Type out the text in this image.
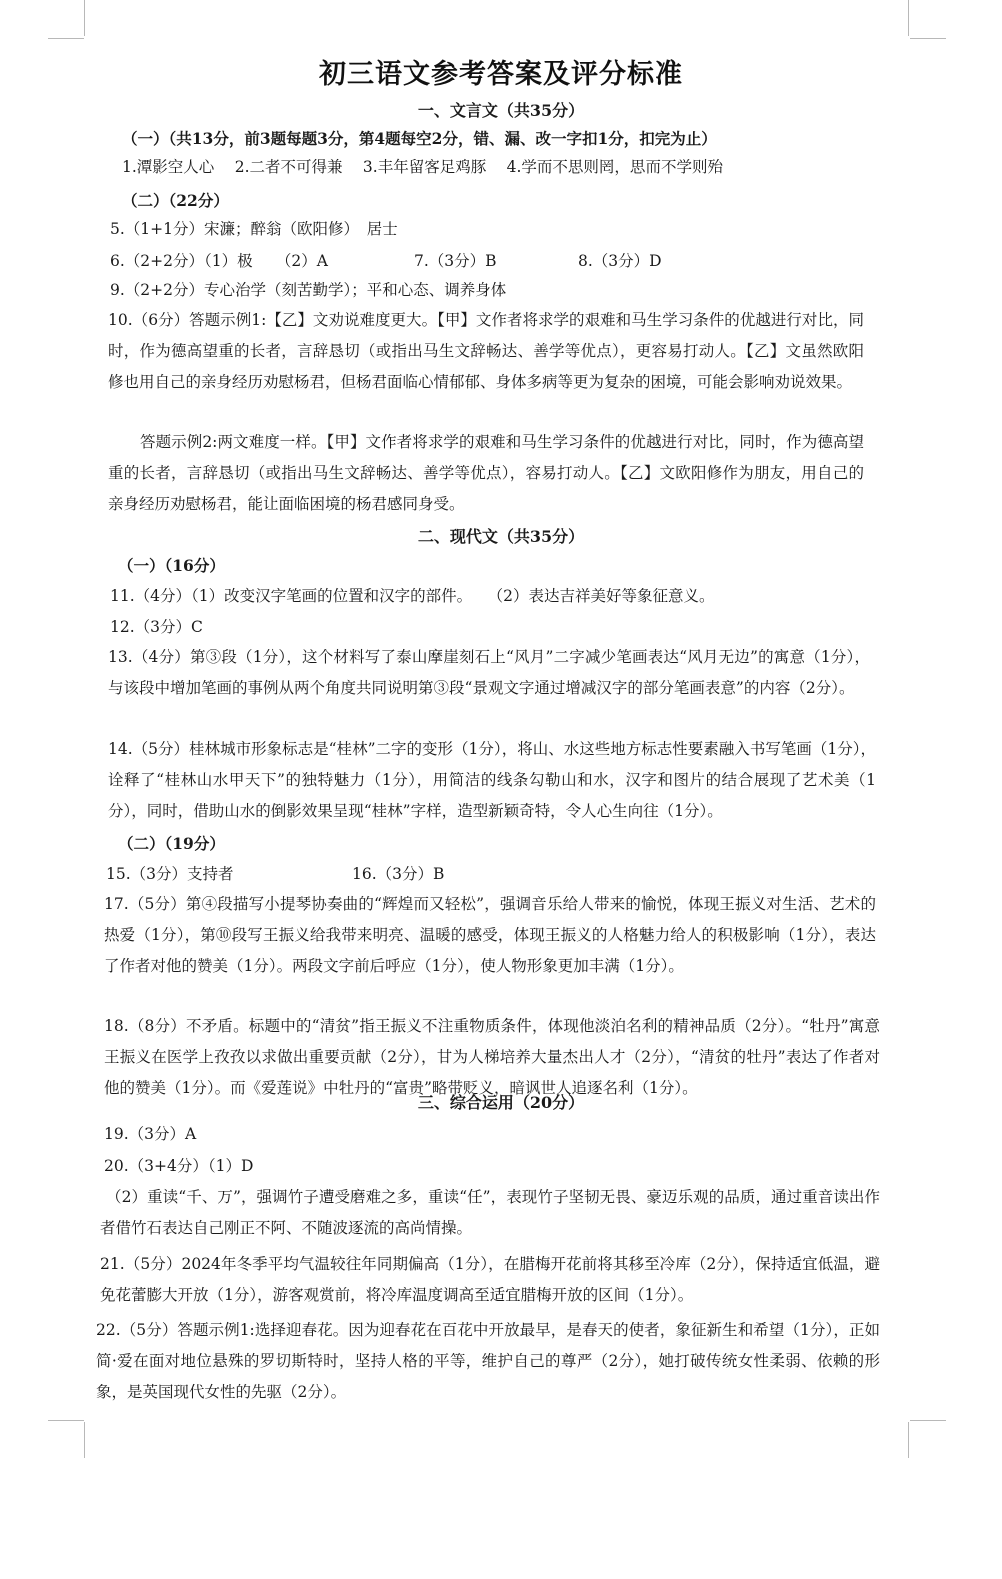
初三语文参考答案及评分标准
一、文言文（共35分）
（一）（共13分，前3题每题3分，第4题每空2分，错、漏、改一字扣1分，扣完为止）
1.潭影空人心　 2.二者不可得兼　 3.丰年留客足鸡豚　 4.学而不思则罔，思而不学则殆
（二）（22分）
5.（1+1分）宋濂；醉翁（欧阳修）　居士
6.（2+2分）（1）极　　（2）A	7.（3分）B	8.（3分）D
9.（2+2分）专心治学（刻苦勤学）；平和心态、调养身体
10.（6分）答题示例1:【乙】文劝说难度更大。【甲】文作者将求学的艰难和马生学习条件的优越进行对比，同时，作为德高望重的长者，言辞恳切（或指出马生文辞畅达、善学等优点），更容易打动人。【乙】文虽然欧阳修也用自己的亲身经历劝慰杨君，但杨君面临心情郁郁、身体多病等更为复杂的困境，可能会影响劝说效果。
答题示例2:两文难度一样。【甲】文作者将求学的艰难和马生学习条件的优越进行对比，同时，作为德高望重的长者，言辞恳切（或指出马生文辞畅达、善学等优点），容易打动人。【乙】文欧阳修作为朋友，用自己的亲身经历劝慰杨君，能让面临困境的杨君感同身受。
二、现代文（共35分）
（一）（16分）
11.（4分）（1）改变汉字笔画的位置和汉字的部件。　　（2）表达吉祥美好等象征意义。
12.（3分）C
13.（4分）第③段（1分），这个材料写了泰山摩崖刻石上“风月”二字减少笔画表达“风月无边”的寓意（1分），与该段中增加笔画的事例从两个角度共同说明第③段“景观文字通过增减汉字的部分笔画表意”的内容（2分）。
14.（5分）桂林城市形象标志是“桂林”二字的变形（1分），将山、水这些地方标志性要素融入书写笔画（1分），诠释了“桂林山水甲天下”的独特魅力（1分），用简洁的线条勾勒山和水，汉字和图片的结合展现了艺术美（1分），同时，借助山水的倒影效果呈现“桂林”字样，造型新颖奇特，令人心生向往（1分）。
（二）（19分）
15.（3分）支持者	16.（3分）B
17.（5分）第④段描写小提琴协奏曲的“辉煌而又轻松”，强调音乐给人带来的愉悦，体现王振义对生活、艺术的热爱（1分），第⑩段写王振义给我带来明亮、温暖的感受，体现王振义的人格魅力给人的积极影响（1分），表达了作者对他的赞美（1分）。两段文字前后呼应（1分），使人物形象更加丰满（1分）。
18.（8分）不矛盾。标题中的“清贫”指王振义不注重物质条件，体现他淡泊名利的精神品质（2分）。“牡丹”寓意王振义在医学上孜孜以求做出重要贡献（2分），甘为人梯培养大量杰出人才（2分），“清贫的牡丹”表达了作者对他的赞美（1分）。而《爱莲说》中牡丹的“富贵”略带贬义，暗讽世人追逐名利（1分）。
三、综合运用（20分）
19.（3分）A
20.（3+4分）（1）D
（2）重读“千、万”，强调竹子遭受磨难之多，重读“任”，表现竹子坚韧无畏、豪迈乐观的品质，通过重音读出作者借竹石表达自己刚正不阿、不随波逐流的高尚情操。
21.（5分）2024年冬季平均气温较往年同期偏高（1分），在腊梅开花前将其移至冷库（2分），保持适宜低温，避免花蕾膨大开放（1分），游客观赏前，将冷库温度调高至适宜腊梅开放的区间（1分）。
22.（5分）答题示例1:选择迎春花。因为迎春花在百花中开放最早，是春天的使者，象征新生和希望（1分），正如简·爱在面对地位悬殊的罗切斯特时，坚持人格的平等，维护自己的尊严（2分），她打破传统女性柔弱、依赖的形象，是英国现代女性的先驱（2分）。
